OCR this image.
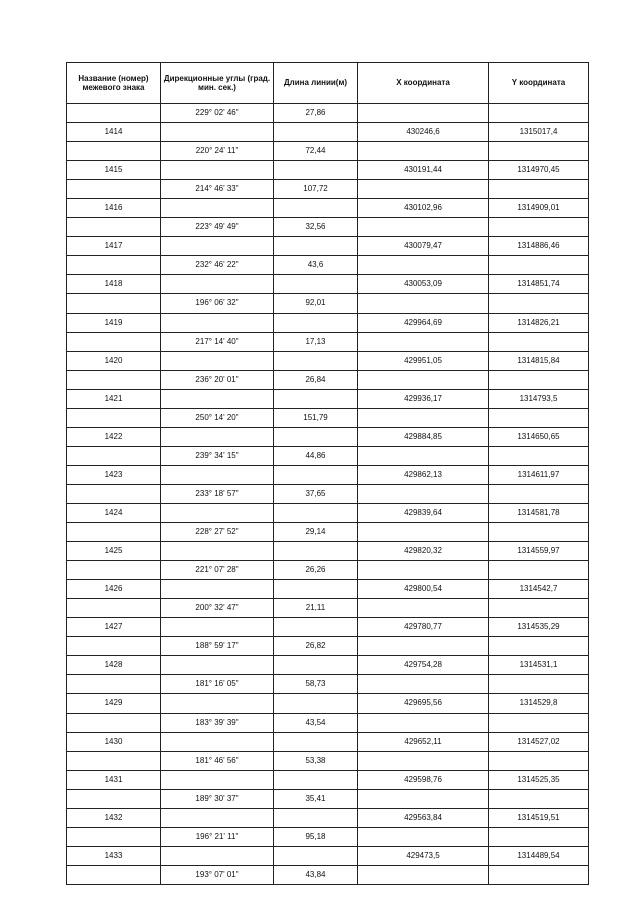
Название (номер) межевого знака	Дирекционные углы (град. мин. сек.)	Длина линии(м)	X координата	Y координата
	229° 02' 46"	27,86		
1414			430246,6	1315017,4
	220° 24' 11"	72,44		
1415			430191,44	1314970,45
	214° 46' 33"	107,72		
1416			430102,96	1314909,01
	223° 49' 49"	32,56		
1417			430079,47	1314886,46
	232° 46' 22"	43,6		
1418			430053,09	1314851,74
	196° 06' 32"	92,01		
1419			429964,69	1314826,21
	217° 14' 40"	17,13		
1420			429951,05	1314815,84
	236° 20' 01"	26,84		
1421			429936,17	1314793,5
	250° 14' 20"	151,79		
1422			429884,85	1314650,65
	239° 34' 15"	44,86		
1423			429862,13	1314611,97
	233° 18' 57"	37,65		
1424			429839,64	1314581,78
	228° 27' 52"	29,14		
1425			429820,32	1314559,97
	221° 07' 28"	26,26		
1426			429800,54	1314542,7
	200° 32' 47"	21,11		
1427			429780,77	1314535,29
	188° 59' 17"	26,82		
1428			429754,28	1314531,1
	181° 16' 05"	58,73		
1429			429695,56	1314529,8
	183° 39' 39"	43,54		
1430			429652,11	1314527,02
	181° 46' 56"	53,38		
1431			429598,76	1314525,35
	189° 30' 37"	35,41		
1432			429563,84	1314519,51
	196° 21' 11"	95,18		
1433			429473,5	1314489,54
	193° 07' 01"	43,84		
